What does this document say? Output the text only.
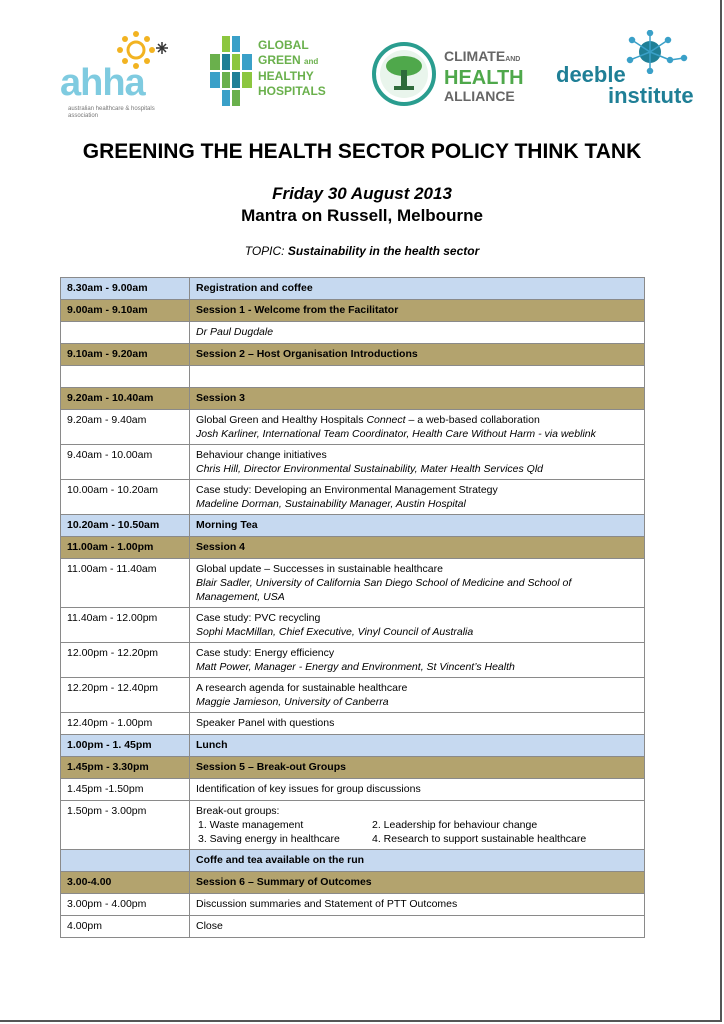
ahha
australian healthcare & hospitals association
GLOBAL
GREEN and
HEALTHY
HOSPITALS
CLIMATEAND
HEALTH
ALLIANCE
deeble
institute
GREENING THE HEALTH SECTOR POLICY THINK TANK
Friday 30 August 2013
Mantra on Russell, Melbourne
TOPIC: Sustainability in the health sector
8.30am - 9.00am	Registration and coffee
9.00am - 9.10am	Session 1 - Welcome from the Facilitator

	Dr Paul Dugdale

9.10am - 9.20am	Session 2 – Host Organisation Introductions

9.20am - 10.40am	Session 3
9.20am - 9.40am	Global Green and Healthy Hospitals Connect – a web-based collaboration
Josh Karliner, International Team Coordinator, Health Care Without Harm - via weblink

9.40am - 10.00am	Behaviour change initiatives
Chris Hill, Director Environmental Sustainability, Mater Health Services Qld

10.00am - 10.20am	Case study: Developing an Environmental Management Strategy
Madeline Dorman, Sustainability Manager, Austin Hospital

10.20am - 10.50am	Morning Tea
11.00am - 1.00pm	Session 4
11.00am - 11.40am	Global update – Successes in sustainable healthcare
Blair Sadler, University of California San Diego School of Medicine and School of Management, USA

11.40am - 12.00pm	Case study: PVC recycling
Sophi MacMillan, Chief Executive, Vinyl Council of Australia

12.00pm - 12.20pm	Case study: Energy efficiency
Matt Power, Manager - Energy and Environment, St Vincent’s Health

12.20pm - 12.40pm	A research agenda for sustainable healthcare
Maggie Jamieson, University of Canberra

12.40pm - 1.00pm	Speaker Panel with questions
1.00pm - 1. 45pm	Lunch
1.45pm - 3.30pm	Session 5 – Break-out Groups
1.45pm -1.50pm	Identification of key issues for group discussions
1.50pm - 3.00pm	Break-out groups:
1. Waste management 2. Leadership for behaviour change
3. Saving energy in healthcare 4. Research to support sustainable healthcare

	Coffe and tea available on the run
3.00-4.00	Session 6 – Summary of Outcomes
3.00pm - 4.00pm	Discussion summaries and Statement of PTT Outcomes
4.00pm	Close
